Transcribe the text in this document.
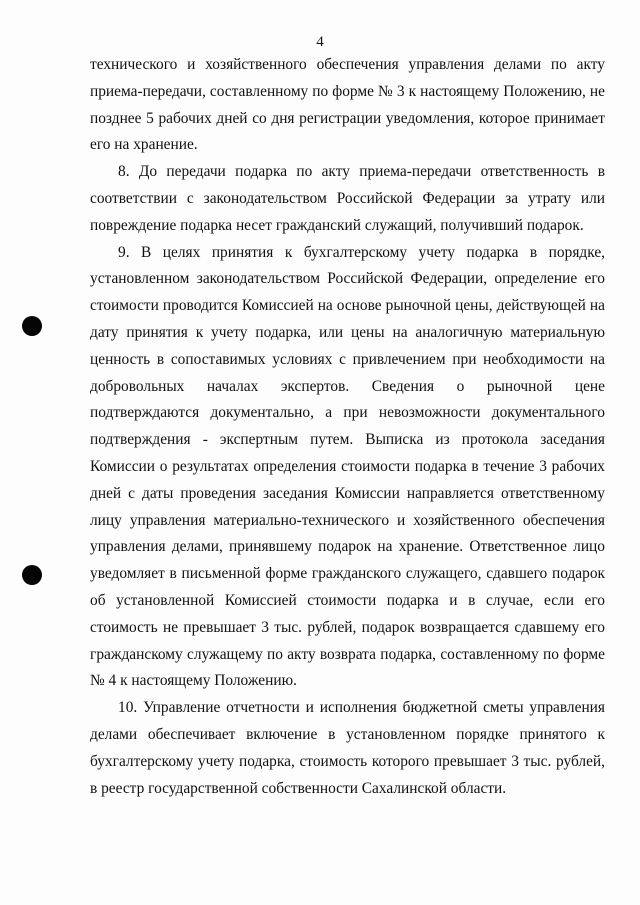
4

технического и хозяйственного обеспечения управления делами по акту приема-передачи, составленному по форме № 3 к настоящему Положению, не позднее 5 рабочих дней со дня регистрации уведомления, которое принимает его на хранение.

8. До передачи подарка по акту приема-передачи ответственность в соответствии с законодательством Российской Федерации за утрату или повреждение подарка несет гражданский служащий, получивший подарок.

9. В целях принятия к бухгалтерскому учету подарка в порядке, установленном законодательством Российской Федерации, определение его стоимости проводится Комиссией на основе рыночной цены, действующей на дату принятия к учету подарка, или цены на аналогичную материальную ценность в сопоставимых условиях с привлечением при необходимости на добровольных началах экспертов. Сведения о рыночной цене подтверждаются документально, а при невозможности документального подтверждения - экспертным путем. Выписка из протокола заседания Комиссии о результатах определения стоимости подарка в течение 3 рабочих дней с даты проведения заседания Комиссии направляется ответственному лицу управления материально-технического и хозяйственного обеспечения управления делами, принявшему подарок на хранение. Ответственное лицо уведомляет в письменной форме гражданского служащего, сдавшего подарок об установленной Комиссией стоимости подарка и в случае, если его стоимость не превышает 3 тыс. рублей, подарок возвращается сдавшему его гражданскому служащему по акту возврата подарка, составленному по форме № 4 к настоящему Положению.

10. Управление отчетности и исполнения бюджетной сметы управления делами обеспечивает включение в установленном порядке принятого к бухгалтерскому учету подарка, стоимость которого превышает 3 тыс. рублей, в реестр государственной собственности Сахалинской области.
